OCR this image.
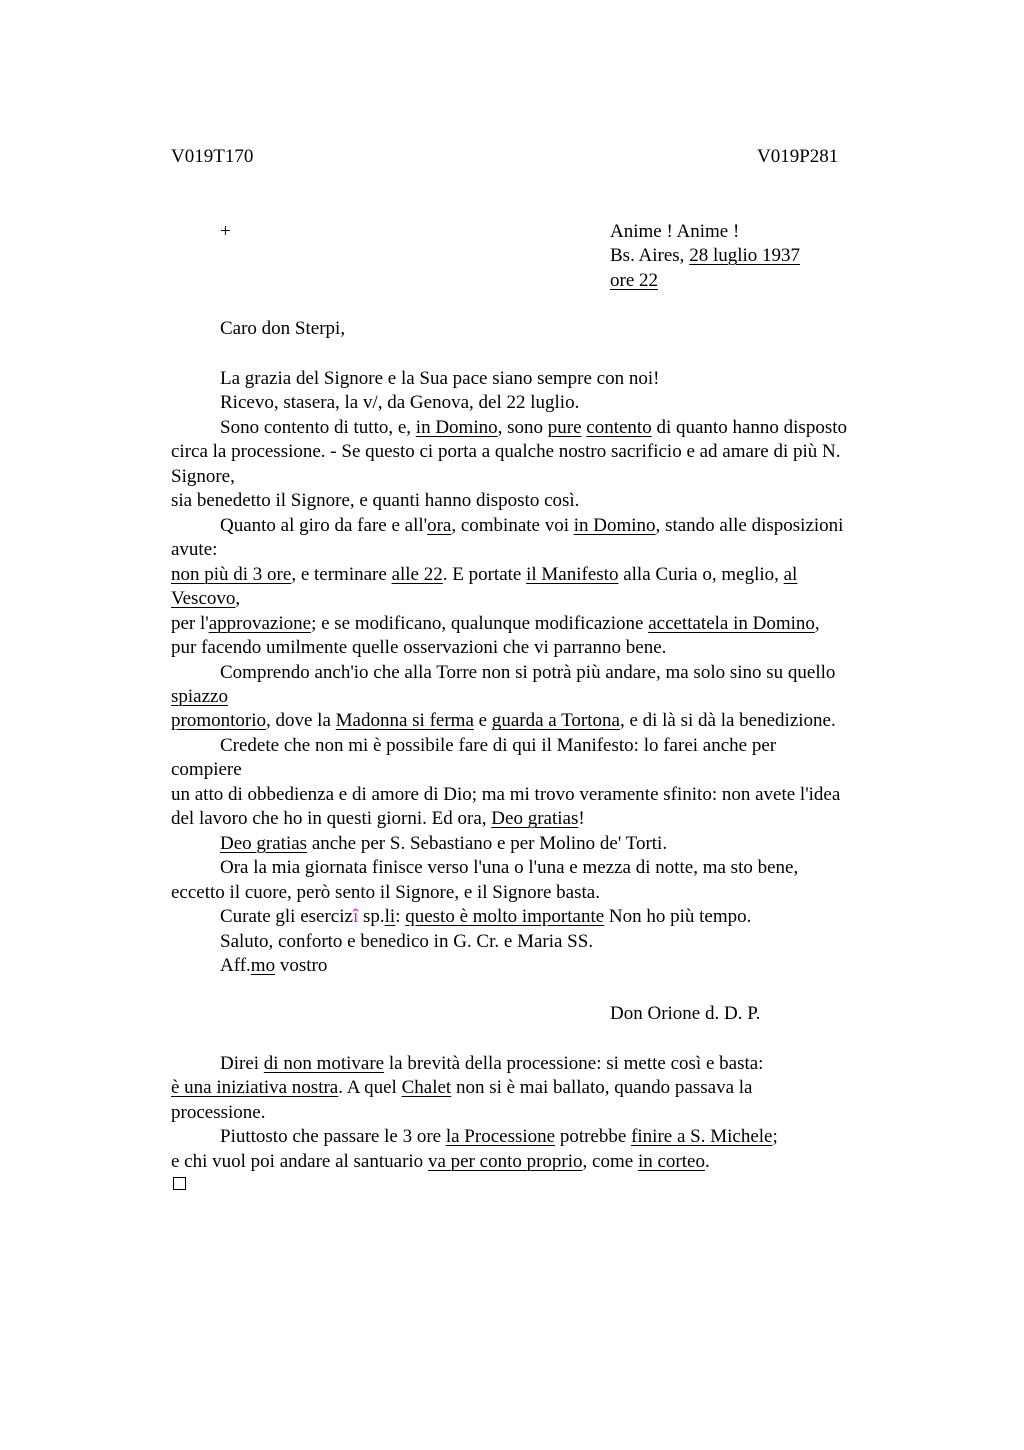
V019T170	V019P281
+	Anime ! Anime !
Bs. Aires, 28 luglio 1937
ore 22
Caro don Sterpi,
La grazia del Signore e la Sua pace siano sempre con noi!
Ricevo, stasera, la v/, da Genova, del 22 luglio.
Sono contento di tutto, e, in Domino, sono pure contento di quanto hanno disposto
circa la processione. - Se questo ci porta a qualche nostro sacrificio e ad amare di più N.
Signore,
sia benedetto il Signore, e quanti hanno disposto così.
Quanto al giro da fare e all'ora, combinate voi in Domino, stando alle disposizioni
avute:
non più di 3 ore, e terminare alle 22. E portate il Manifesto alla Curia o, meglio, al
Vescovo,
per l'approvazione; e se modificano, qualunque modificazione accettatela in Domino,
pur facendo umilmente quelle osservazioni che vi parranno bene.
Comprendo anch'io che alla Torre non si potrà più andare, ma solo sino su quello
spiazzo
promontorio, dove la Madonna si ferma e guarda a Tortona, e di là si dà la benedizione.
Credete che non mi è possibile fare di qui il Manifesto: lo farei anche per
compiere
un atto di obbedienza e di amore di Dio; ma mi trovo veramente sfinito: non avete l'idea
del lavoro che ho in questi giorni. Ed ora, Deo gratias!
Deo gratias anche per S. Sebastiano e per Molino de' Torti.
Ora la mia giornata finisce verso l'una o l'una e mezza di notte, ma sto bene,
eccetto il cuore, però sento il Signore, e il Signore basta.
Curate gli esercizî sp.li: questo è molto importante Non ho più tempo.
Saluto, conforto e benedico in G. Cr. e Maria SS.
Aff.mo vostro
Don Orione d. D. P.
Direi di non motivare la brevità della processione: si mette così e basta:
è una iniziativa nostra. A quel Chalet non si è mai ballato, quando passava la
processione.
Piuttosto che passare le 3 ore la Processione potrebbe finire a S. Michele;
e chi vuol poi andare al santuario va per conto proprio, come in corteo.
